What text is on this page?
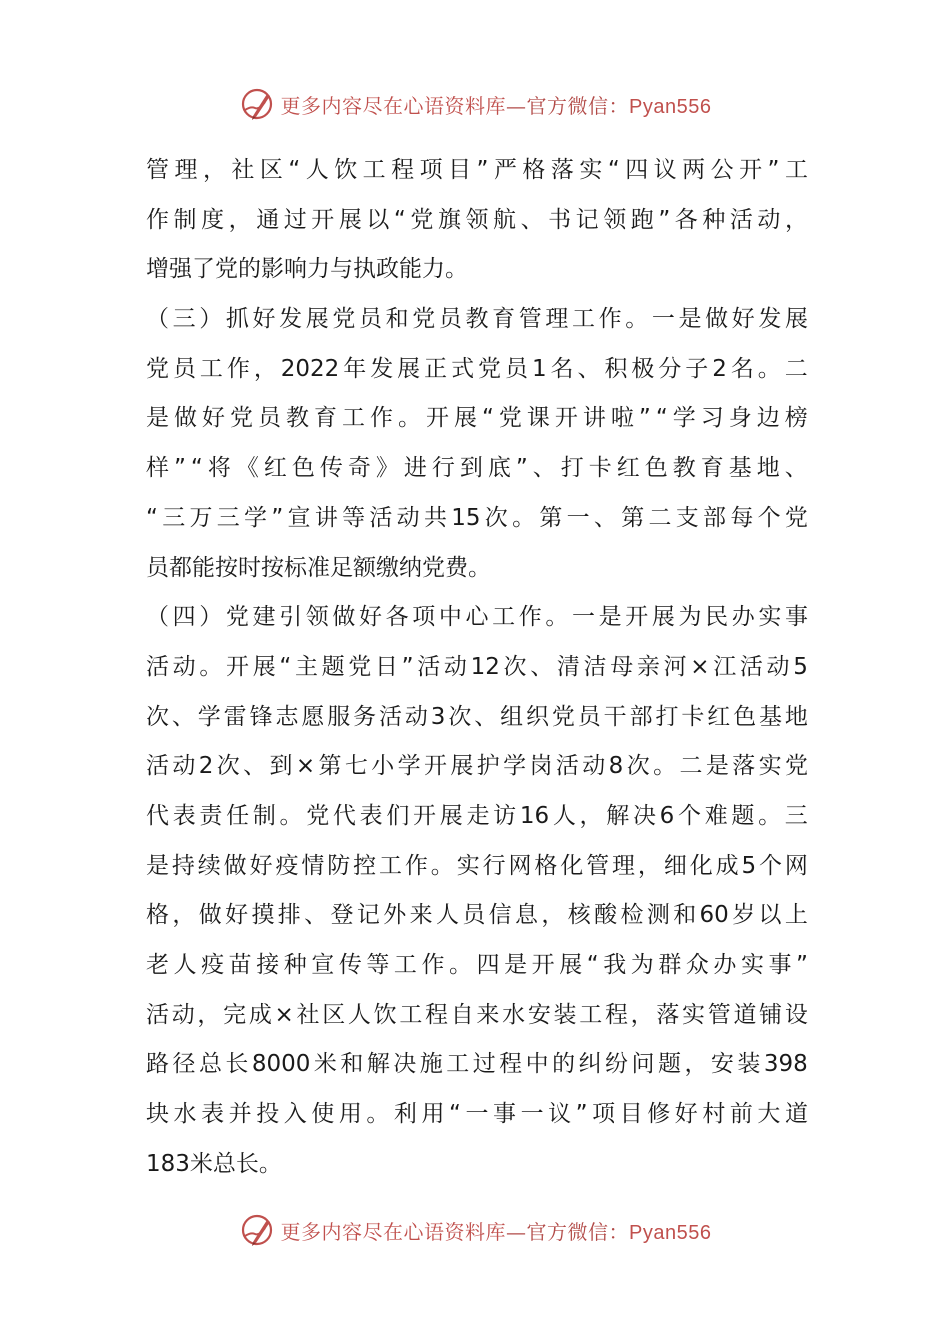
更多内容尽在心语资料库—官方微信：Pyan556
管 理 ， 社 区 “ 人 饮 工 程 项 目 ” 严 格 落 实 “ 四 议 两 公 开 ” 工
作 制 度 ， 通 过 开 展 以 “ 党 旗 领 航 、 书 记 领 跑 ” 各 种 活 动 ，
增 强 了 党 的 影 响 力 与 执 政 能 力 。
（ 三 ） 抓 好 发 展 党 员 和 党 员 教 育 管 理 工 作 。 一 是 做 好 发 展
党 员 工 作 ， 2022 年 发 展 正 式 党 员 1 名 、 积 极 分 子 2 名 。 二
是 做 好 党 员 教 育 工 作 。 开 展 “ 党 课 开 讲 啦 ” “ 学 习 身 边 榜
样 ” “ 将 《 红 色 传 奇 》 进 行 到 底 ” 、 打 卡 红 色 教 育 基 地 、
“ 三 万 三 学 ” 宣 讲 等 活 动 共 15 次 。 第 一 、 第 二 支 部 每 个 党
员 都 能 按 时 按 标 准 足 额 缴 纳 党 费 。
（ 四 ） 党 建 引 领 做 好 各 项 中 心 工 作 。 一 是 开 展 为 民 办 实 事
活 动 。 开 展 “ 主 题 党 日 ” 活 动 12 次 、 清 洁 母 亲 河 × 江 活 动 5
次 、 学 雷 锋 志 愿 服 务 活 动 3 次 、 组 织 党 员 干 部 打 卡 红 色 基 地
活 动 2 次 、 到 × 第 七 小 学 开 展 护 学 岗 活 动 8 次 。 二 是 落 实 党
代 表 责 任 制 。 党 代 表 们 开 展 走 访 16 人 ， 解 决 6 个 难 题 。 三
是 持 续 做 好 疫 情 防 控 工 作 。 实 行 网 格 化 管 理 ， 细 化 成 5 个 网
格 ， 做 好 摸 排 、 登 记 外 来 人 员 信 息 ， 核 酸 检 测 和 60 岁 以 上
老 人 疫 苗 接 种 宣 传 等 工 作 。 四 是 开 展 “ 我 为 群 众 办 实 事 ”
活 动 ， 完 成 × 社 区 人 饮 工 程 自 来 水 安 装 工 程 ， 落 实 管 道 铺 设
路 径 总 长 8000 米 和 解 决 施 工 过 程 中 的 纠 纷 问 题 ， 安 装 398
块 水 表 并 投 入 使 用 。 利 用 “ 一 事 一 议 ” 项 目 修 好 村 前 大 道
183 米 总 长 。
更多内容尽在心语资料库—官方微信：Pyan556
